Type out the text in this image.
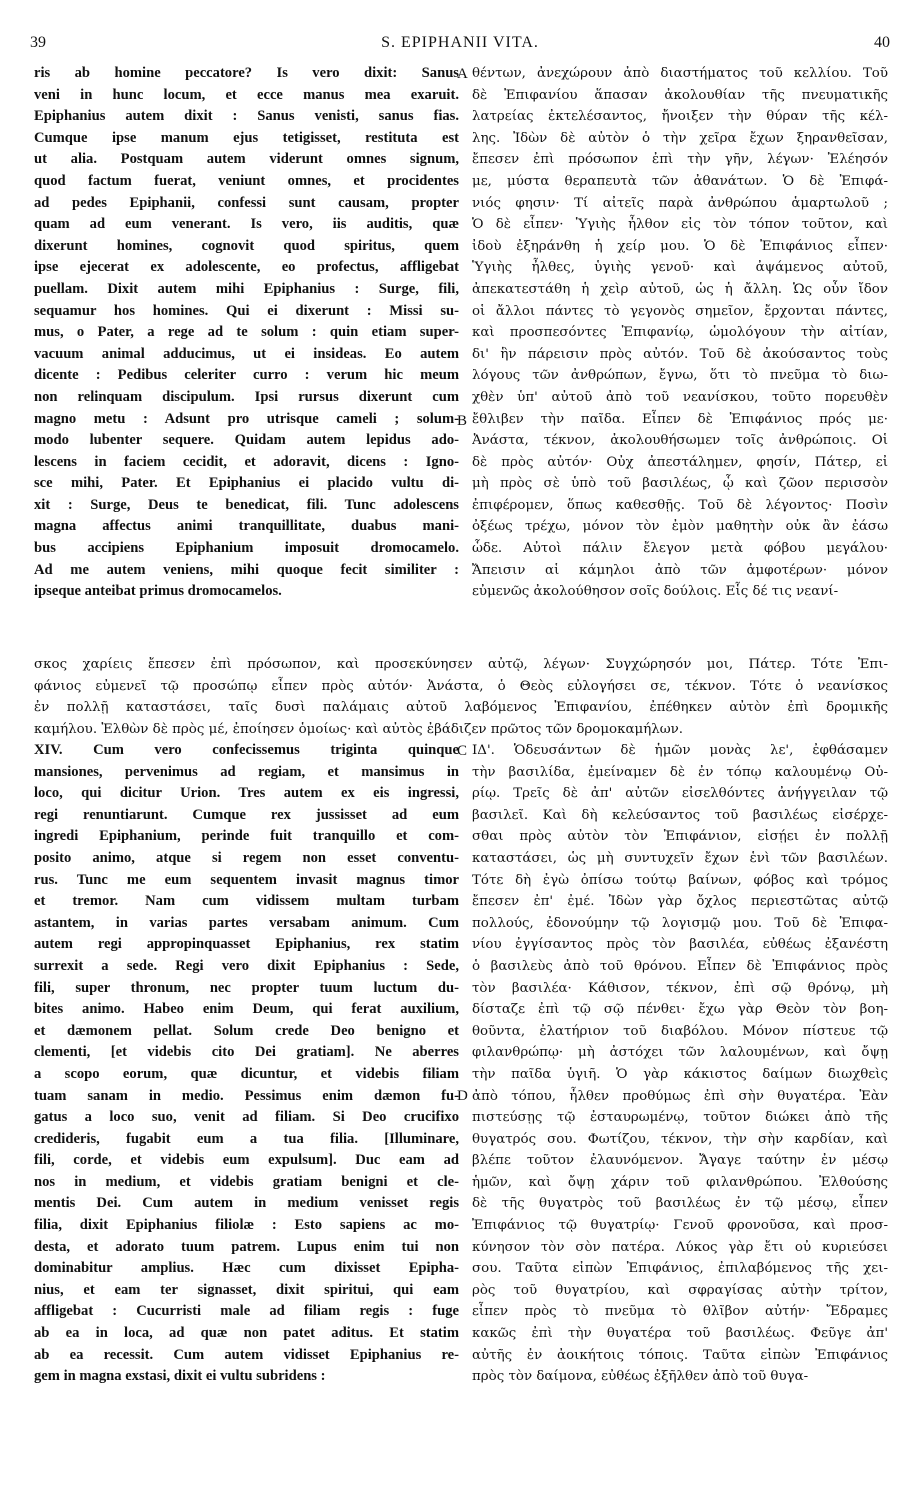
39	S. EPIPHANII VITA.	40
ris ab homine peccatore? Is vero dixit: Sanus
veni in hunc locum, et ecce manus mea exaruit.
Epiphanius autem dixit : Sanus venisti, sanus fias.
Cumque ipse manum ejus tetigisset, restituta est
ut alia. Postquam autem viderunt omnes signum,
quod factum fuerat, veniunt omnes, et procidentes
ad pedes Epiphanii, confessi sunt causam, propter
quam ad eum venerant. Is vero, iis auditis, quæ
dixerunt homines, cognovit quod spiritus, quem
ipse ejecerat ex adolescente, eo profectus, affligebat
puellam. Dixit autem mihi Epiphanius : Surge, fili,
sequamur hos homines. Qui ei dixerunt : Missi su-
mus, o Pater, a rege ad te solum : quin etiam super-
vacuum animal adducimus, ut ei insideas. Eo autem
dicente : Pedibus celeriter curro : verum hic meum
non relinquam discipulum. Ipsi rursus dixerunt cum
magno metu : Adsunt pro utrisque cameli ; solum-
modo lubenter sequere. Quidam autem lepidus ado-
lescens in faciem cecidit, et adoravit, dicens : Igno-
sce mihi, Pater. Et Epiphanius ei placido vultu di-
xit : Surge, Deus te benedicat, fili. Tunc adolescens
magna affectus animi tranquillitate, duabus mani-
bus accipiens Epiphanium imposuit dromocamelo.
Ad me autem veniens, mihi quoque fecit similiter :
ipseque anteibat primus dromocamelos.
θέντων, ἀνεχώρουν ἀπὸ διαστήματος τοῦ κελλίου. Τοῦ
δὲ Ἐπιφανίου ἅπασαν ἀκολουθίαν τῆς πνευματικῆς
λατρείας ἐκτελέσαντος, ἤνοιξεν τὴν θύραν τῆς κέλ-
λης. Ἰδὼν δὲ αὐτὸν ὁ τὴν χεῖρα ἔχων ξηρανθεῖσαν,
ἔπεσεν ἐπὶ πρόσωπον ἐπὶ τὴν γῆν, λέγων· Ἐλέησόν
με, μύστα θεραπευτὰ τῶν ἀθανάτων. Ὁ δὲ Ἐπιφά-
νιός φησιν· Τί αἰτεῖς παρὰ ἀνθρώπου ἁμαρτωλοῦ ;
Ὁ δὲ εἶπεν· Ὑγιὴς ἦλθον εἰς τὸν τόπον τοῦτον, καὶ
ἰδοὺ ἐξηράνθη ἡ χείρ μου. Ὁ δὲ Ἐπιφάνιος εἶπεν·
Ὑγιὴς ἦλθες, ὑγιὴς γενοῦ· καὶ ἀψάμενος αὐτοῦ,
ἀπεκατεστάθη ἡ χεὶρ αὐτοῦ, ὡς ἡ ἄλλη. Ὡς οὖν ἴδον
οἱ ἄλλοι πάντες τὸ γεγονὸς σημεῖον, ἔρχονται πάντες,
καὶ προσπεσόντες Ἐπιφανίῳ, ὡμολόγουν τὴν αἰτίαν,
δι' ἣν πάρεισιν πρὸς αὐτόν. Τοῦ δὲ ἀκούσαντος τοὺς
λόγους τῶν ἀνθρώπων, ἔγνω, ὅτι τὸ πνεῦμα τὸ διω-
χθὲν ὑπ' αὐτοῦ ἀπὸ τοῦ νεανίσκου, τοῦτο πορευθὲν
ἔθλιβεν τὴν παῖδα. Εἶπεν δὲ Ἐπιφάνιος πρός με·
Ἀνάστα, τέκνον, ἀκολουθήσωμεν τοῖς ἀνθρώποις. Οἱ
δὲ πρὸς αὐτόν· Οὐχ ἀπεστάλημεν, φησίν, Πάτερ, εἰ
μὴ πρὸς σὲ ὑπὸ τοῦ βασιλέως, ᾧ καὶ ζῶον περισσὸν
ἐπιφέρομεν, ὅπως καθεσθῇς. Τοῦ δὲ λέγοντος· Ποσὶν
ὀξέως τρέχω, μόνον τὸν ἐμὸν μαθητὴν οὐκ ἂν ἐάσω
ὧδε. Αὐτοὶ πάλιν ἔλεγον μετὰ φόβου μεγάλου·
Ἄπεισιν αἱ κάμηλοι ἀπὸ τῶν ἀμφοτέρων· μόνον
εὐμενῶς ἀκολούθησον σοῖς δούλοις. Εἷς δέ τις νεανί-
σκος χαρίεις ἔπεσεν ἐπὶ πρόσωπον, καὶ προσεκύνησεν αὐτῷ, λέγων· Συγχώρησόν μοι, Πάτερ. Τότε Ἐπι-
φάνιος εὐμενεῖ τῷ προσώπῳ εἶπεν πρὸς αὐτόν· Ἀνάστα, ὁ Θεὸς εὐλογήσει σε, τέκνον. Τότε ὁ νεανίσκος
ἐν πολλῇ καταστάσει, ταῖς δυσὶ παλάμαις αὐτοῦ λαβόμενος Ἐπιφανίου, ἐπέθηκεν αὐτὸν ἐπὶ δρομικῆς
καμήλου. Ἐλθὼν δὲ πρὸς μέ, ἐποίησεν ὁμοίως· καὶ αὐτὸς ἐβάδιζεν πρῶτος τῶν δρομοκαμήλων.
XIV. Cum vero confecissemus triginta quinque
mansiones, pervenimus ad regiam, et mansimus in
loco, qui dicitur Urion. Tres autem ex eis ingressi,
regi renuntiarunt. Cumque rex jussisset ad eum
ingredi Epiphanium, perinde fuit tranquillo et com-
posito animo, atque si regem non esset conventu-
rus. Tunc me eum sequentem invasit magnus timor
et tremor. Nam cum vidissem multam turbam
astantem, in varias partes versabam animum. Cum
autem regi appropinquasset Epiphanius, rex statim
surrexit a sede. Regi vero dixit Epiphanius : Sede,
fili, super thronum, nec propter tuum luctum du-
bites animo. Habeo enim Deum, qui ferat auxilium,
et dæmonem pellat. Solum crede Deo benigno et
clementi, [et videbis cito Dei gratiam]. Ne aberres
a scopo eorum, quæ dicuntur, et videbis filiam
tuam sanam in medio. Pessimus enim dæmon fu-
gatus a loco suo, venit ad filiam. Si Deo crucifixo
credideris, fugabit eum a tua filia. [Illuminare,
fili, corde, et videbis eum expulsum]. Duc eam ad
nos in medium, et videbis gratiam benigni et cle-
mentis Dei. Cum autem in medium venisset regis
filia, dixit Epiphanius filiolæ : Esto sapiens ac mo-
desta, et adorato tuum patrem. Lupus enim tui non
dominabitur amplius. Hæc cum dixisset Epipha-
nius, et eam ter signasset, dixit spiritui, qui eam
affligebat : Cucurristi male ad filiam regis : fuge
ab ea in loca, ad quæ non patet aditus. Et statim
ab ea recessit. Cum autem vidisset Epiphanius re-
gem in magna exstasi, dixit ei vultu subridens :
ΙΔ'. Ὁδευσάντων δὲ ἡμῶν μονὰς λε', ἐφθάσαμεν
τὴν βασιλίδα, ἐμείναμεν δὲ ἐν τόπῳ καλουμένῳ Οὐ-
ρίῳ. Τρεῖς δὲ ἀπ' αὐτῶν εἰσελθόντες ἀνήγγειλαν τῷ
βασιλεῖ. Καὶ δὴ κελεύσαντος τοῦ βασιλέως εἰσέρχε-
σθαι πρὸς αὐτὸν τὸν Ἐπιφάνιον, εἰσῄει ἐν πολλῇ
καταστάσει, ὡς μὴ συντυχεῖν ἔχων ἑνὶ τῶν βασιλέων.
Τότε δὴ ἐγὼ ὀπίσω τούτῳ βαίνων, φόβος καὶ τρόμος
ἔπεσεν ἐπ' ἐμέ. Ἰδὼν γὰρ ὄχλος περιεστῶτας αὐτῷ
πολλούς, ἐδονούμην τῷ λογισμῷ μου. Τοῦ δὲ Ἐπιφα-
νίου ἐγγίσαντος πρὸς τὸν βασιλέα, εὐθέως ἐξανέστη
ὁ βασιλεὺς ἀπὸ τοῦ θρόνου. Εἶπεν δὲ Ἐπιφάνιος πρὸς
τὸν βασιλέα· Κάθισον, τέκνον, ἐπὶ σῷ θρόνῳ, μὴ
δίσταζε ἐπὶ τῷ σῷ πένθει· ἔχω γὰρ Θεὸν τὸν βοη-
θοῦντα, ἐλατήριον τοῦ διαβόλου. Μόνον πίστευε τῷ
φιλανθρώπῳ· μὴ ἀστόχει τῶν λαλουμένων, καὶ ὄψῃ
τὴν παῖδα ὑγιῆ. Ὁ γὰρ κάκιστος δαίμων διωχθεὶς
ἀπὸ τόπου, ἦλθεν προθύμως ἐπὶ σὴν θυγατέρα. Ἐὰν
πιστεύσῃς τῷ ἐσταυρωμένῳ, τοῦτον διώκει ἀπὸ τῆς
θυγατρός σου. Φωτίζου, τέκνον, τὴν σὴν καρδίαν, καὶ
βλέπε τοῦτον ἐλαυνόμενον. Ἄγαγε ταύτην ἐν μέσῳ
ἡμῶν, καὶ ὄψῃ χάριν τοῦ φιλανθρώπου. Ἐλθούσης
δὲ τῆς θυγατρὸς τοῦ βασιλέως ἐν τῷ μέσῳ, εἶπεν
Ἐπιφάνιος τῷ θυγατρίῳ· Γενοῦ φρονοῦσα, καὶ προσ-
κύνησον τὸν σὸν πατέρα. Λύκος γὰρ ἔτι οὐ κυριεύσει
σου. Ταῦτα εἰπὼν Ἐπιφάνιος, ἐπιλαβόμενος τῆς χει-
ρὸς τοῦ θυγατρίου, καὶ σφραγίσας αὐτὴν τρίτον,
εἶπεν πρὸς τὸ πνεῦμα τὸ θλῖβον αὐτήν· Ἔδραμες
κακῶς ἐπὶ τὴν θυγατέρα τοῦ βασιλέως. Φεῦγε ἀπ'
αὐτῆς ἐν ἀοικήτοις τόποις. Ταῦτα εἰπὼν Ἐπιφάνιος
πρὸς τὸν δαίμονα, εὐθέως ἐξῆλθεν ἀπὸ τοῦ θυγα-
A
B
C
D
